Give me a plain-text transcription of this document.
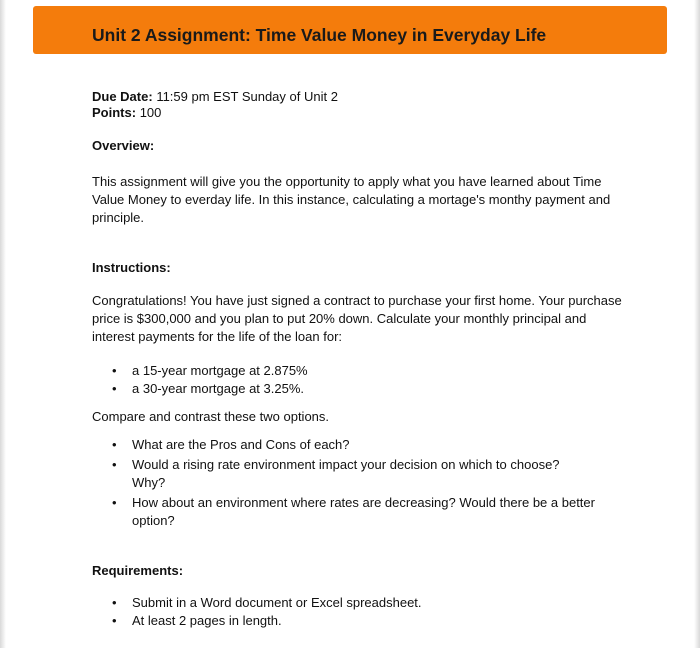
Unit 2 Assignment: Time Value Money in Everyday Life

Due Date: 11:59 pm EST Sunday of Unit 2

Points: 100

Overview:

This assignment will give you the opportunity to apply what you have learned about Time Value Money to everday life. In this instance, calculating a mortage's monthy payment and principle.

Instructions:

Congratulations! You have just signed a contract to purchase your first home. Your purchase price is $300,000 and you plan to put 20% down. Calculate your monthly principal and interest payments for the life of the loan for:

• a 15-year mortgage at 2.875%
• a 30-year mortgage at 3.25%.

Compare and contrast these two options.

• What are the Pros and Cons of each?
• Would a rising rate environment impact your decision on which to choose? Why?
• How about an environment where rates are decreasing? Would there be a better option?

Requirements:

• Submit in a Word document or Excel spreadsheet.
• At least 2 pages in length.
